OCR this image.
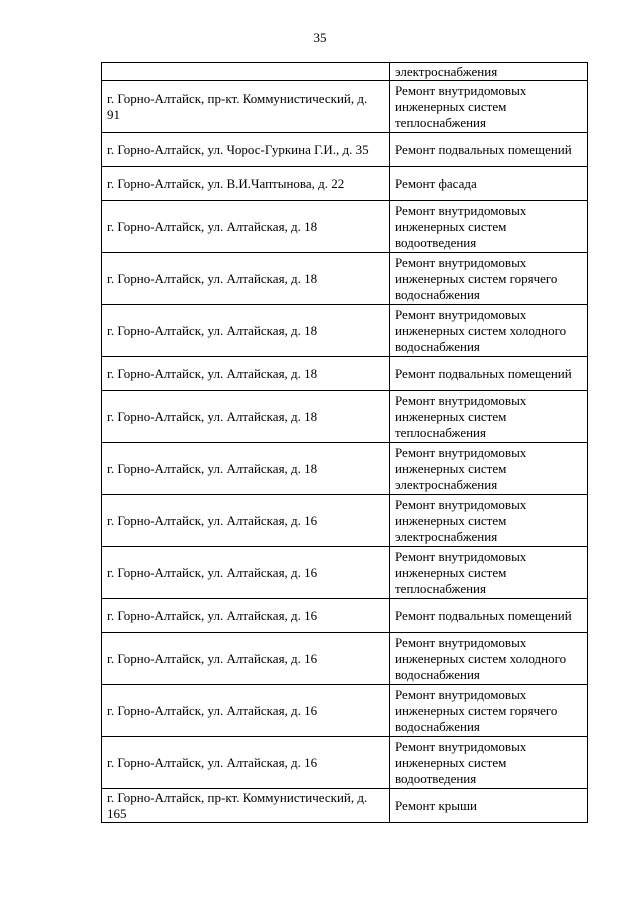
35
	электроснабжения
г. Горно-Алтайск, пр-кт. Коммунистический, д. 91	Ремонт внутридомовых инженерных систем теплоснабжения
г. Горно-Алтайск, ул. Чорос-Гуркина Г.И., д. 35	Ремонт подвальных помещений
г. Горно-Алтайск, ул. В.И.Чаптынова, д. 22	Ремонт фасада
г. Горно-Алтайск, ул. Алтайская, д. 18	Ремонт внутридомовых инженерных систем водоотведения
г. Горно-Алтайск, ул. Алтайская, д. 18	Ремонт внутридомовых инженерных систем горячего водоснабжения
г. Горно-Алтайск, ул. Алтайская, д. 18	Ремонт внутридомовых инженерных систем холодного водоснабжения
г. Горно-Алтайск, ул. Алтайская, д. 18	Ремонт подвальных помещений
г. Горно-Алтайск, ул. Алтайская, д. 18	Ремонт внутридомовых инженерных систем теплоснабжения
г. Горно-Алтайск, ул. Алтайская, д. 18	Ремонт внутридомовых инженерных систем электроснабжения
г. Горно-Алтайск, ул. Алтайская, д. 16	Ремонт внутридомовых инженерных систем электроснабжения
г. Горно-Алтайск, ул. Алтайская, д. 16	Ремонт внутридомовых инженерных систем теплоснабжения
г. Горно-Алтайск, ул. Алтайская, д. 16	Ремонт подвальных помещений
г. Горно-Алтайск, ул. Алтайская, д. 16	Ремонт внутридомовых инженерных систем холодного водоснабжения
г. Горно-Алтайск, ул. Алтайская, д. 16	Ремонт внутридомовых инженерных систем горячего водоснабжения
г. Горно-Алтайск, ул. Алтайская, д. 16	Ремонт внутридомовых инженерных систем водоотведения
г. Горно-Алтайск, пр-кт. Коммунистический, д. 165	Ремонт крыши
